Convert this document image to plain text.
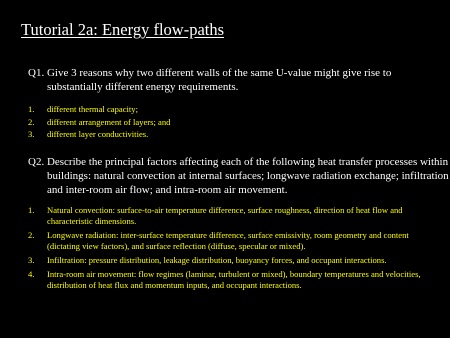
Tutorial 2a: Energy flow-paths
Q1. Give 3 reasons why two different walls of the same U-value might give rise to substantially different energy requirements.
1. different thermal capacity;
2. different arrangement of layers; and
3. different layer conductivities.
Q2. Describe the principal factors affecting each of the following heat transfer processes within buildings: natural convection at internal surfaces; longwave radiation exchange; infiltration and inter-room air flow; and intra-room air movement.
1. Natural convection: surface-to-air temperature difference, surface roughness, direction of heat flow and characteristic dimensions.
2. Longwave radiation: inter-surface temperature difference, surface emissivity, room geometry and content (dictating view factors), and surface reflection (diffuse, specular or mixed).
3. Infiltration: pressure distribution, leakage distribution, buoyancy forces, and occupant interactions.
4. Intra-room air movement: flow regimes (laminar, turbulent or mixed), boundary temperatures and velocities, distribution of heat flux and momentum inputs, and occupant interactions.
